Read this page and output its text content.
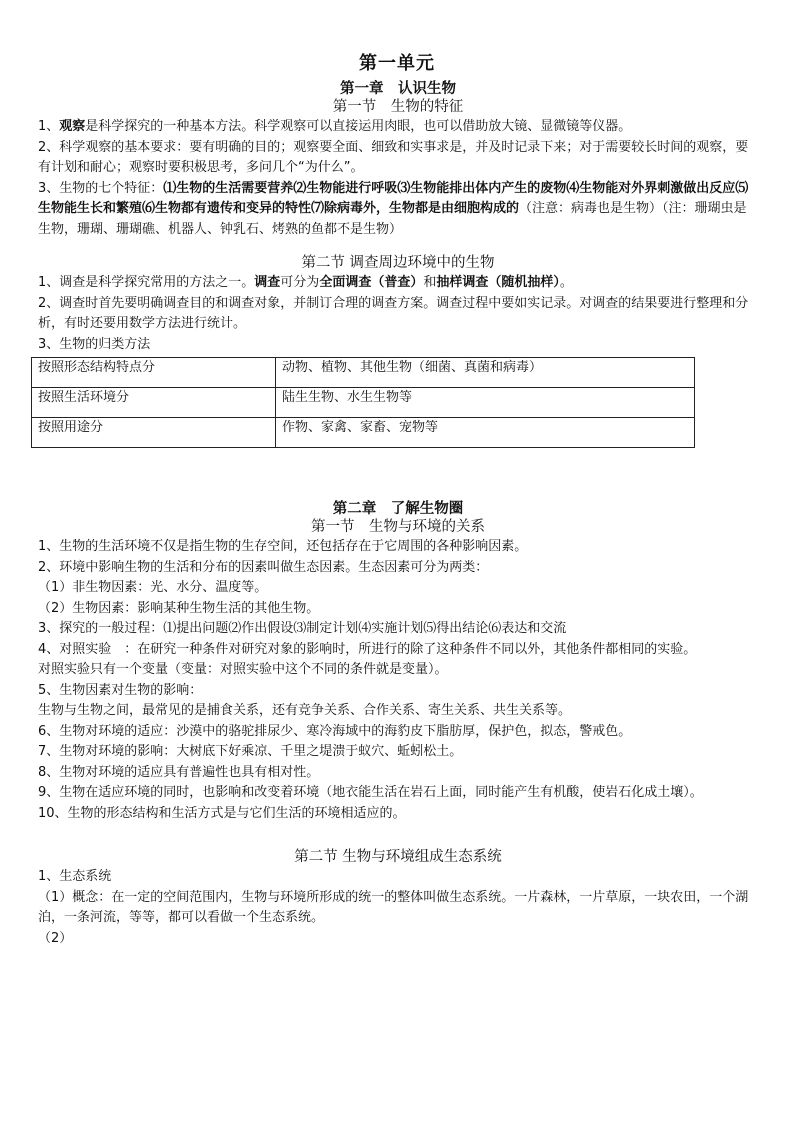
第一单元
第一章　认识生物
第一节　生物的特征

1、观察是科学探究的一种基本方法。科学观察可以直接运用肉眼，也可以借助放大镜、显微镜等仪器。

2、科学观察的基本要求：要有明确的目的；观察要全面、细致和实事求是，并及时记录下来；对于需要较长时间的观察，要有计划和耐心；观察时要积极思考，多问几个“为什么”。

3、生物的七个特征：⑴生物的生活需要营养⑵生物能进行呼吸⑶生物能排出体内产生的废物⑷生物能对外界刺激做出反应⑸生物能生长和繁殖⑹生物都有遗传和变异的特性⑺除病毒外，生物都是由细胞构成的（注意：病毒也是生物）（注：珊瑚虫是生物，珊瑚、珊瑚礁、机器人、钟乳石、烤熟的鱼都不是生物）

第二节 调查周边环境中的生物

1、调查是科学探究常用的方法之一。调查可分为全面调查（普查）和抽样调查（随机抽样）。

2、调查时首先要明确调查目的和调查对象，并制订合理的调查方案。调查过程中要如实记录。对调查的结果要进行整理和分析，有时还要用数学方法进行统计。

3、生物的归类方法

按照形态结构特点分	动物、植物、其他生物（细菌、真菌和病毒）
按照生活环境分	陆生生物、水生生物等
按照用途分	作物、家禽、家畜、宠物等
第二章　了解生物圈
第一节　生物与环境的关系

1、生物的生活环境不仅是指生物的生存空间，还包括存在于它周围的各种影响因素。

2、环境中影响生物的生活和分布的因素叫做生态因素。生态因素可分为两类：

（1）非生物因素：光、水分、温度等。

（2）生物因素：影响某种生物生活的其他生物。

3、探究的一般过程：⑴提出问题⑵作出假设⑶制定计划⑷实施计划⑸得出结论⑹表达和交流

4、对照实验　：在研究一种条件对研究对象的影响时，所进行的除了这种条件不同以外，其他条件都相同的实验。

对照实验只有一个变量（变量：对照实验中这个不同的条件就是变量）。

5、生物因素对生物的影响：

生物与生物之间，最常见的是捕食关系，还有竞争关系、合作关系、寄生关系、共生关系等。

6、生物对环境的适应：沙漠中的骆驼排尿少、寒冷海域中的海豹皮下脂肪厚，保护色，拟态，警戒色。

7、生物对环境的影响：大树底下好乘凉、千里之堤溃于蚁穴、蚯蚓松土。

8、生物对环境的适应具有普遍性也具有相对性。

9、生物在适应环境的同时，也影响和改变着环境（地衣能生活在岩石上面，同时能产生有机酸，使岩石化成土壤）。

10、生物的形态结构和生活方式是与它们生活的环境相适应的。

第二节 生物与环境组成生态系统

1、生态系统

（1）概念：在一定的空间范围内，生物与环境所形成的统一的整体叫做生态系统。一片森林，一片草原，一块农田，一个湖泊，一条河流，等等，都可以看做一个生态系统。

（2）
